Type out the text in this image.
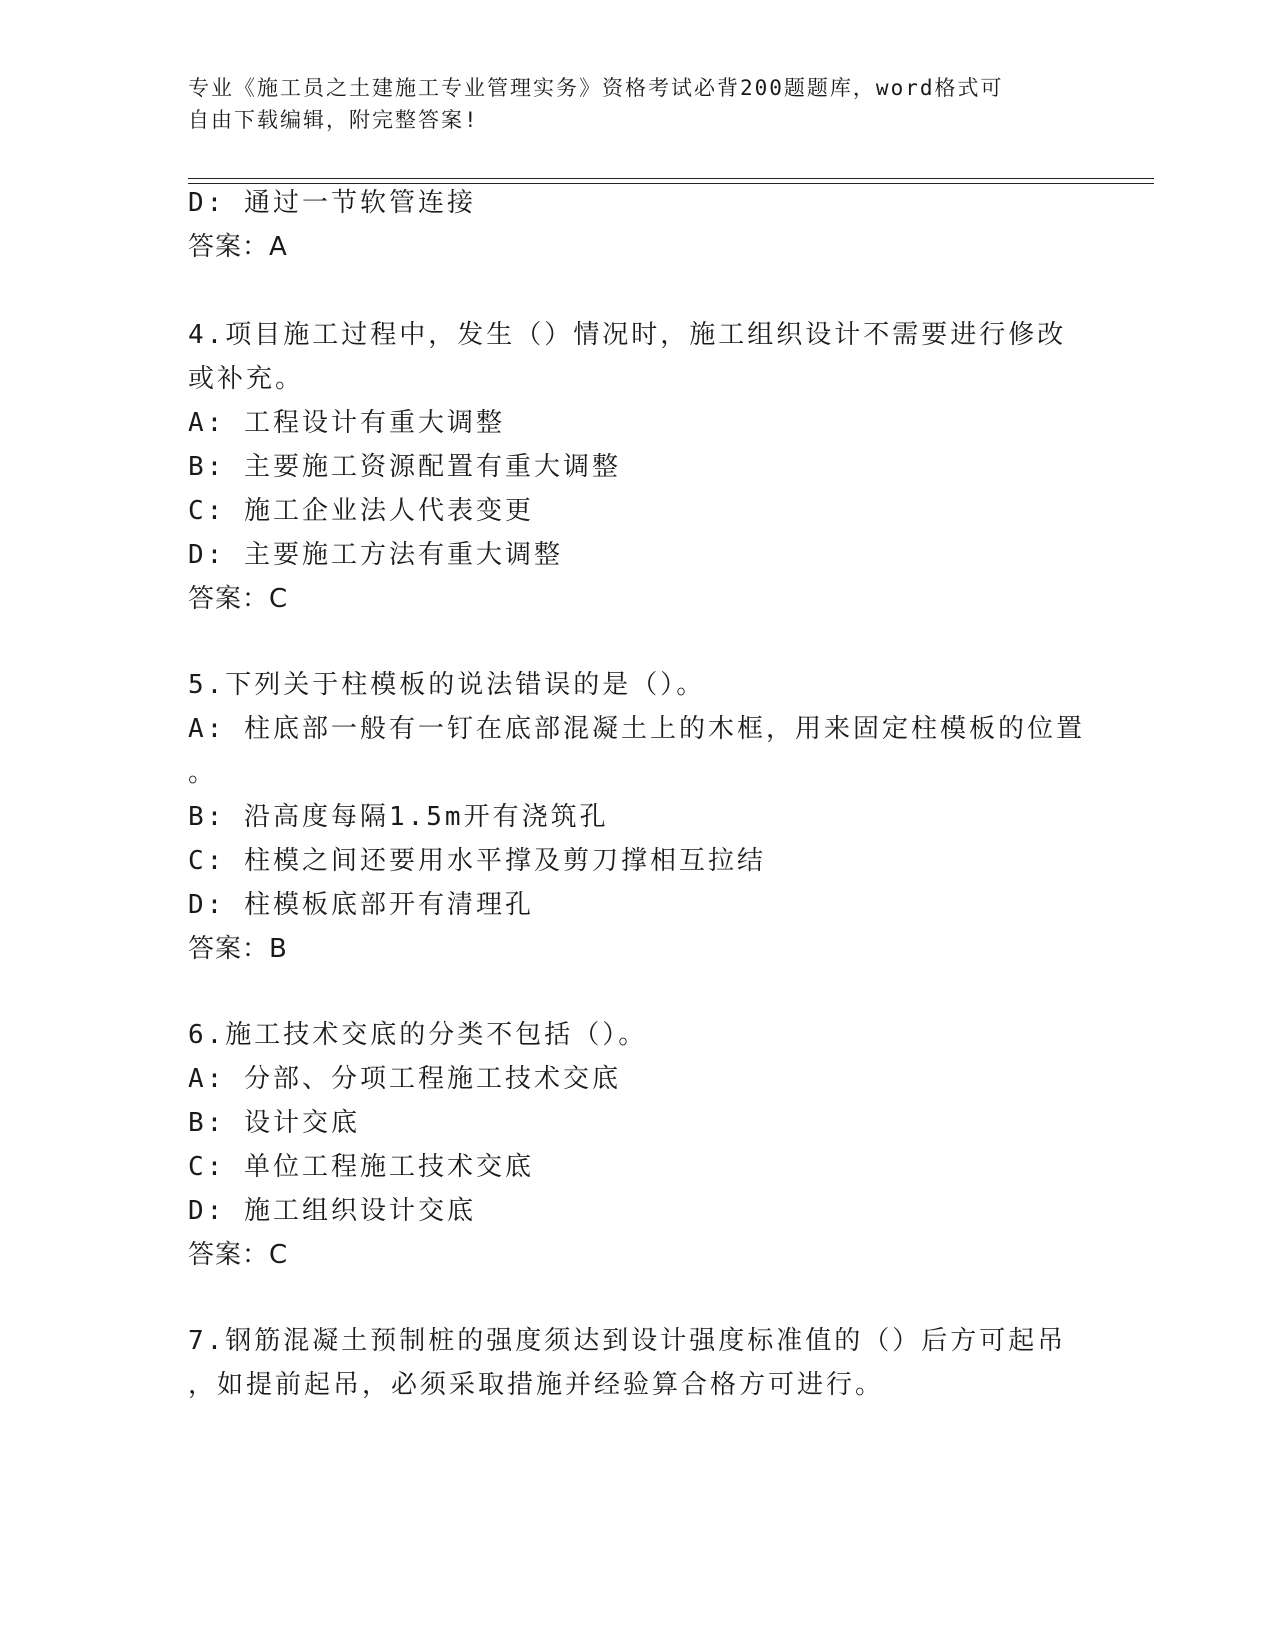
专业《施工员之土建施工专业管理实务》资格考试必背200题题库，word格式可
自由下载编辑，附完整答案!
D: 通过一节软管连接
答案：A
4.项目施工过程中，发生（）情况时，施工组织设计不需要进行修改
或补充。
A: 工程设计有重大调整
B: 主要施工资源配置有重大调整
C: 施工企业法人代表变更
D: 主要施工方法有重大调整
答案：C
5.下列关于柱模板的说法错误的是（）。
A: 柱底部一般有一钉在底部混凝土上的木框，用来固定柱模板的位置
。
B: 沿高度每隔1.5m开有浇筑孔
C: 柱模之间还要用水平撑及剪刀撑相互拉结
D: 柱模板底部开有清理孔
答案：B
6.施工技术交底的分类不包括（）。
A: 分部、分项工程施工技术交底
B: 设计交底
C: 单位工程施工技术交底
D: 施工组织设计交底
答案：C
7.钢筋混凝土预制桩的强度须达到设计强度标准值的（）后方可起吊
，如提前起吊，必须采取措施并经验算合格方可进行。
